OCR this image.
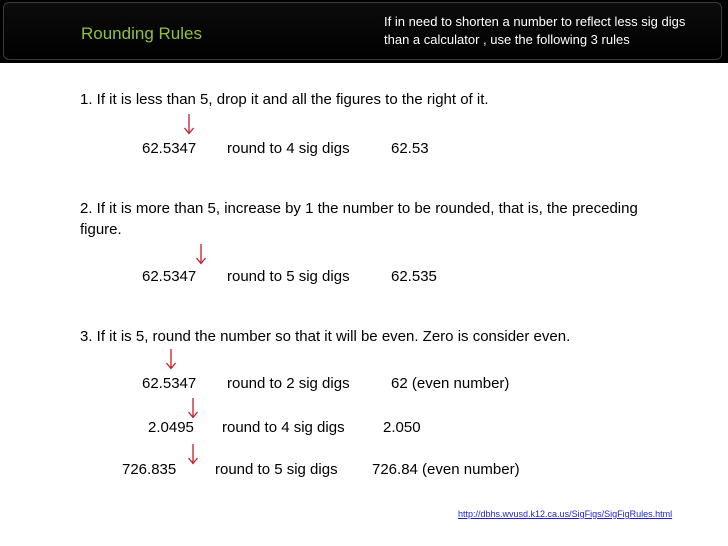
Rounding Rules
If in need to shorten a number to reflect less sig digs than a calculator , use the following 3 rules
1. If it is less than 5, drop it and all the figures to the right of it.
62.5347 round to 4 sig digs	62.53
2. If it is more than 5, increase by 1 the number to be rounded, that is, the preceding figure.
62.5347 round to 5 sig digs	62.535
3. If it is 5, round the number so that it will be even. Zero is consider even.
62.5347 round to 2 sig digs	62 (even number)
2.0495 round to 4 sig digs	2.050
726.835	round to 5 sig digs 726.84 (even number)
http://dbhs.wvusd.k12.ca.us/SigFigs/SigFigRules.html
